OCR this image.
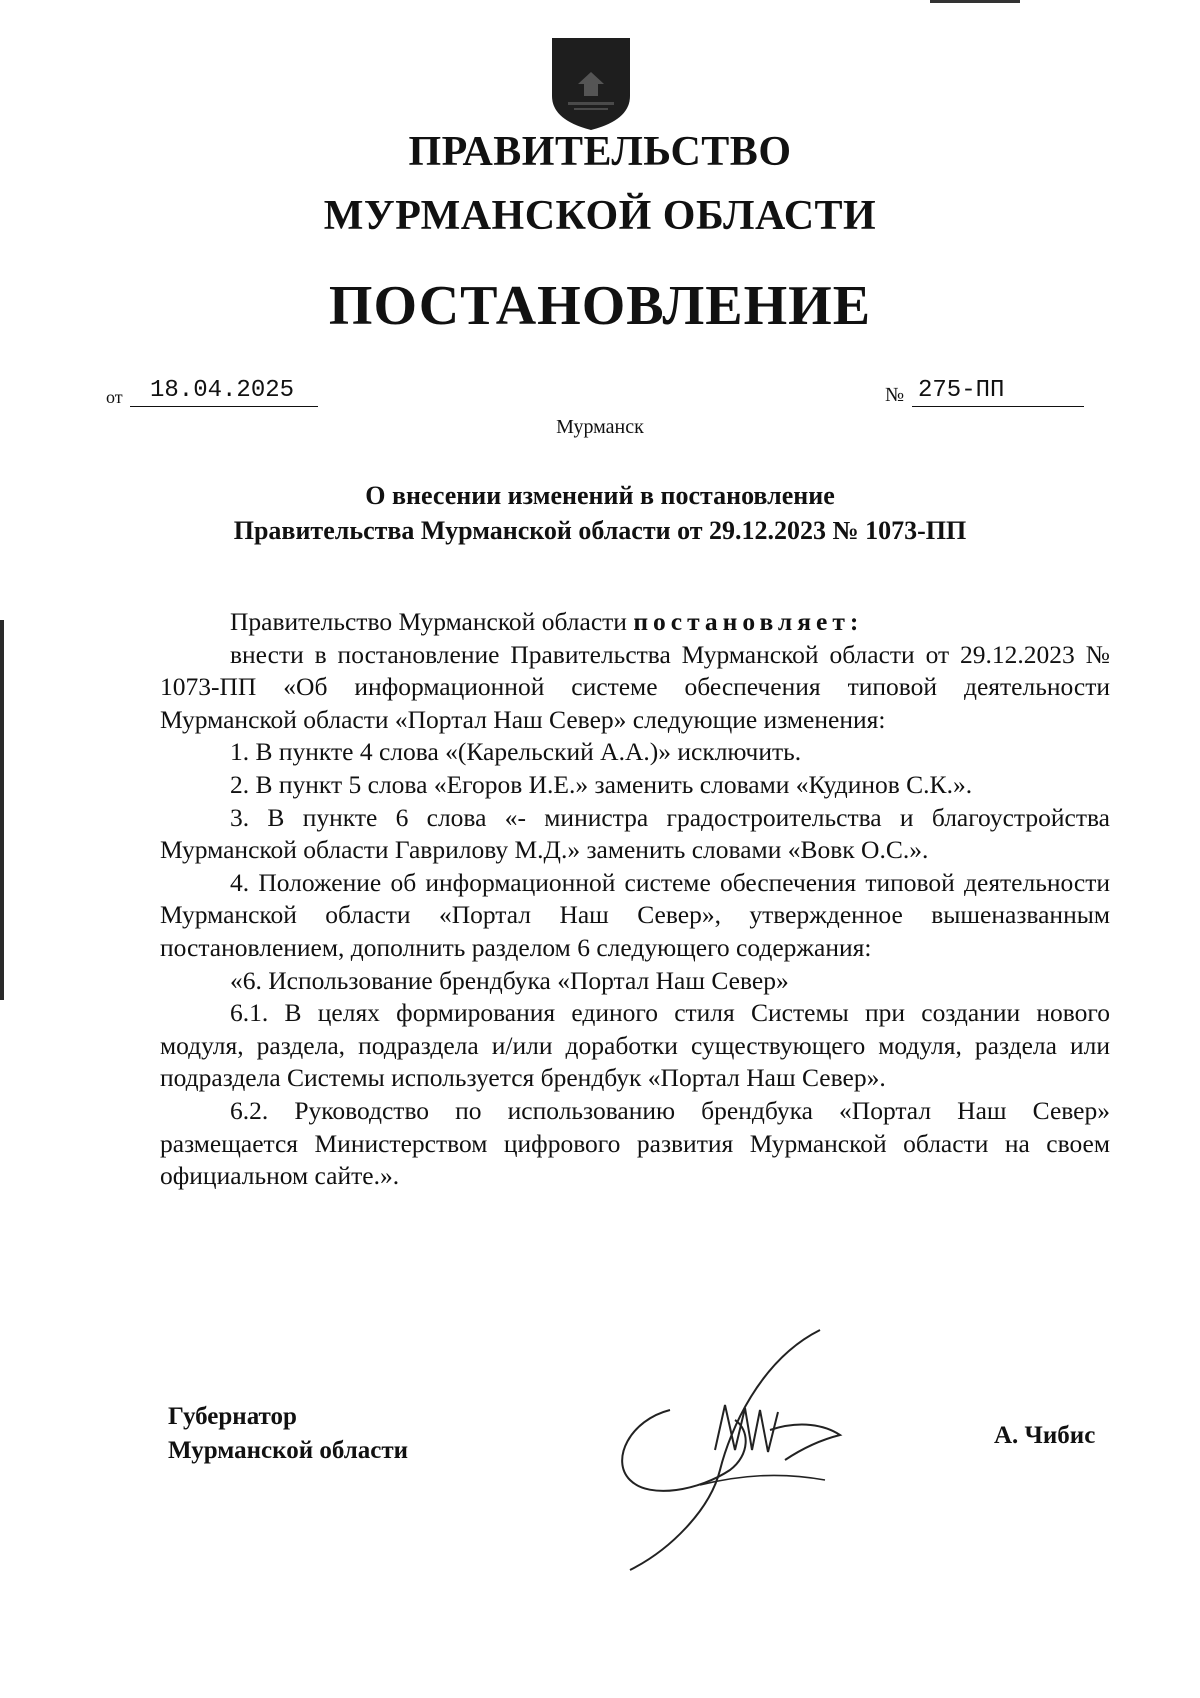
ПРАВИТЕЛЬСТВО
МУРМАНСКОЙ ОБЛАСТИ
ПОСТАНОВЛЕНИЕ
от	18.04.2025	№ 275-ПП
Мурманск
О внесении изменений в постановление
Правительства Мурманской области от 29.12.2023 № 1073-ПП

Правительство Мурманской области постановляет:

внести в постановление Правительства Мурманской области от 29.12.2023 № 1073-ПП «Об информационной системе обеспечения типовой деятельности Мурманской области «Портал Наш Север» следующие изменения:

1. В пункте 4 слова «(Карельский А.А.)» исключить.

2. В пункт 5 слова «Егоров И.Е.» заменить словами «Кудинов С.К.».

3. В пункте 6 слова «- министра градостроительства и благоустройства Мурманской области Гаврилову М.Д.» заменить словами «Вовк О.С.».

4. Положение об информационной системе обеспечения типовой деятельности Мурманской области «Портал Наш Север», утвержденное вышеназванным постановлением, дополнить разделом 6 следующего содержания:

«6. Использование брендбука «Портал Наш Север»

6.1. В целях формирования единого стиля Системы при создании нового модуля, раздела, подраздела и/или доработки существующего модуля, раздела или подраздела Системы используется брендбук «Портал Наш Север».

6.2. Руководство по использованию брендбука «Портал Наш Север» размещается Министерством цифрового развития Мурманской области на своем официальном сайте.».

Губернатор
Мурманской области
А. Чибис
